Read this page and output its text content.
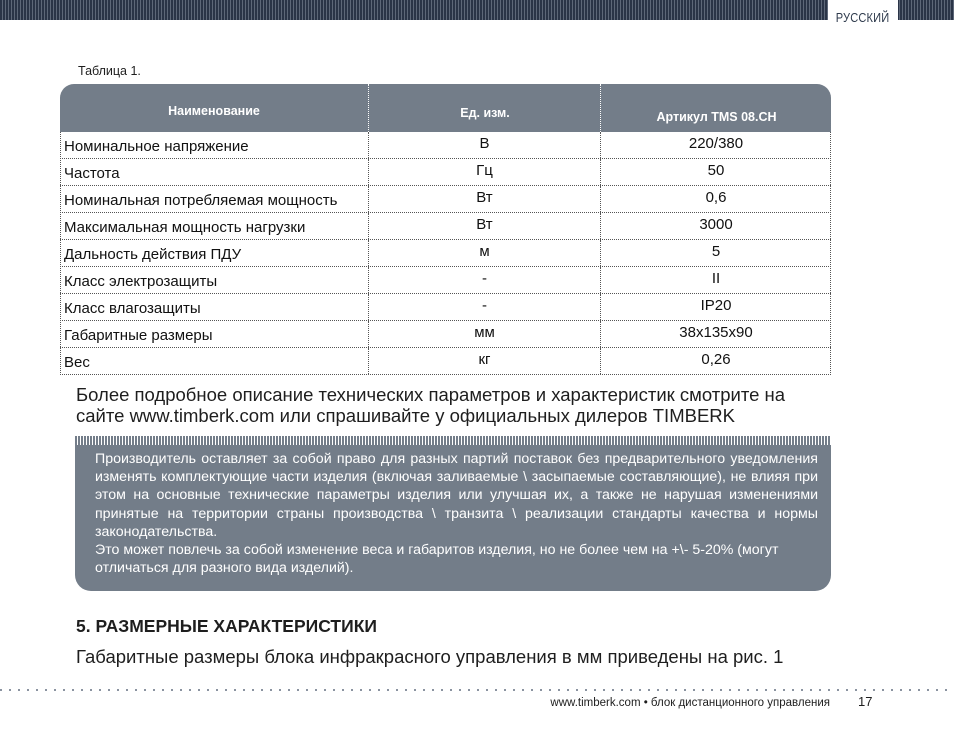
РУССКИЙ
Таблица 1.
Наименование	Ед. изм.	Артикул TMS 08.CH
Номинальное напряжение	В	220/380
Частота	Гц	50
Номинальная потребляемая мощность	Вт	0,6
Максимальная мощность нагрузки	Вт	3000
Дальность действия ПДУ	м	5
Класс электрозащиты	-	II
Класс влагозащиты	-	IP20
Габаритные размеры	мм	38x135x90
Вес	кг	0,26
Более подробное описание технических параметров и характеристик смотрите на
сайте www.timberk.com или спрашивайте у официальных дилеров TIMBERK

Производитель оставляет за собой право для разных партий поставок без предварительного уведомления изменять комплектующие части изделия (включая заливаемые \ засыпаемые составляющие), не влияя при этом на основные технические параметры изделия или улучшая их, а также не нарушая изменениями принятые на территории страны производства \ транзита \ реализации стандарты качества и нормы законодательства.

Это может повлечь за собой изменение веса и габаритов изделия, но не более чем на +\- 5-20% (могут отличаться для разного вида изделий).

5. РАЗМЕРНЫЕ ХАРАКТЕРИСТИКИ
Габаритные размеры блока инфракрасного управления в мм приведены на рис. 1
www.timberk.com • блок дистанционного управления 17
